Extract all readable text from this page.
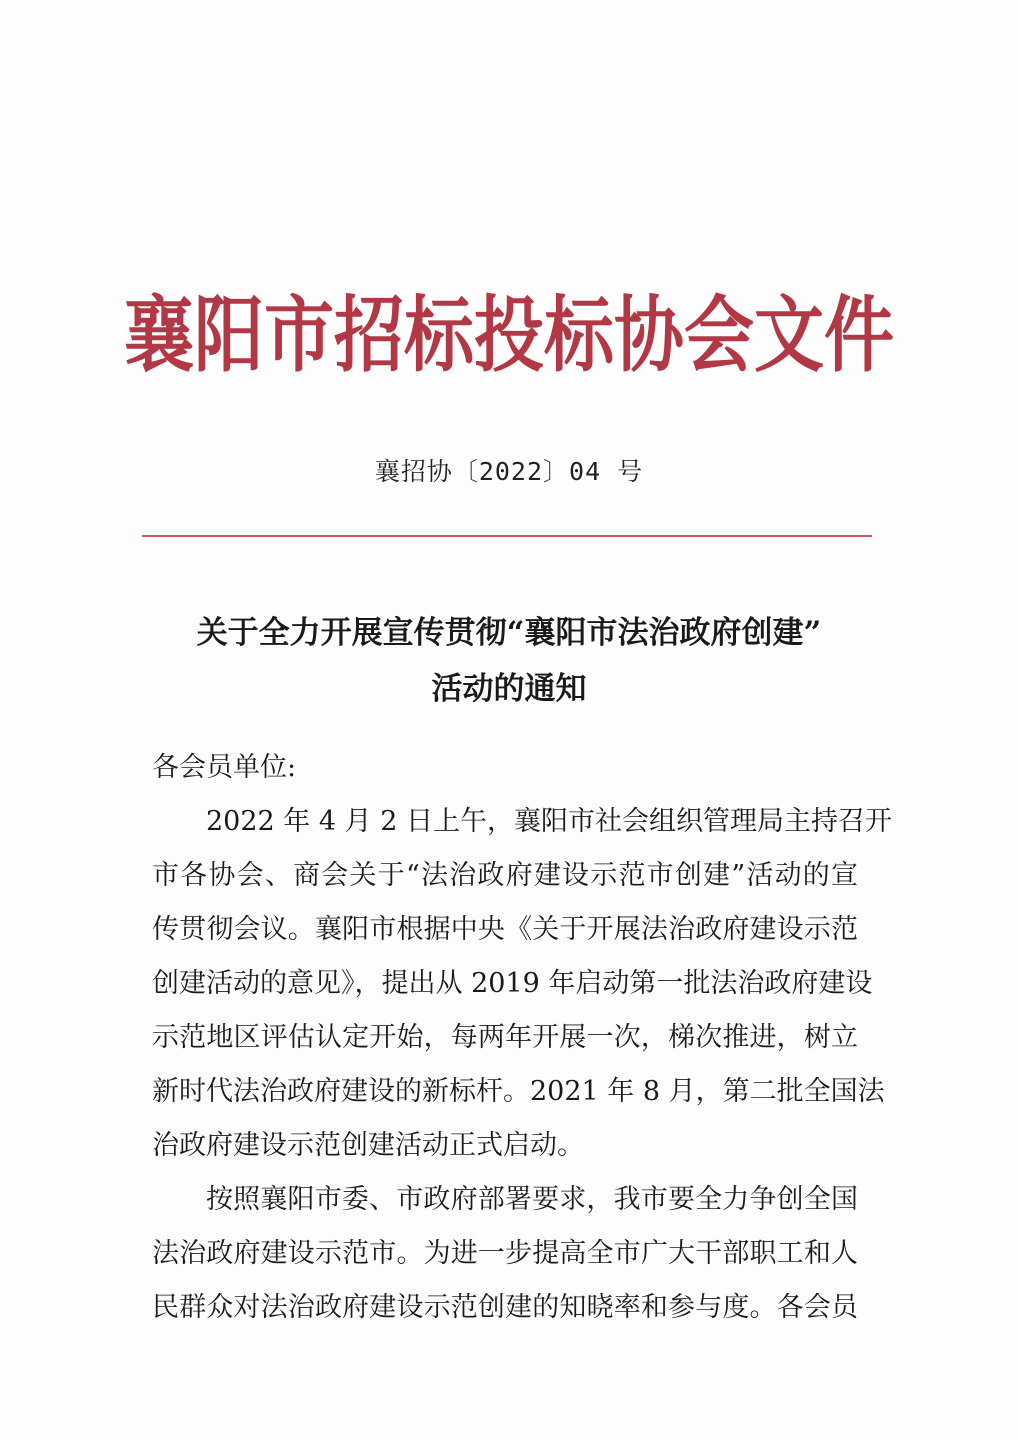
襄阳市招标投标协会文件
襄招协〔2022〕04 号
关于全力开展宣传贯彻“襄阳市法治政府创建”
活动的通知
各会员单位:
2022 年 4 月 2 日上午，襄阳市社会组织管理局主持召开
市各协会、商会关于“法治政府建设示范市创建”活动的宣
传贯彻会议。襄阳市根据中央《关于开展法治政府建设示范
创建活动的意见》，提出从 2019 年启动第一批法治政府建设
示范地区评估认定开始，每两年开展一次，梯次推进，树立
新时代法治政府建设的新标杆。2021 年 8 月，第二批全国法
治政府建设示范创建活动正式启动。
按照襄阳市委、市政府部署要求，我市要全力争创全国
法治政府建设示范市。为进一步提高全市广大干部职工和人
民群众对法治政府建设示范创建的知晓率和参与度。各会员
